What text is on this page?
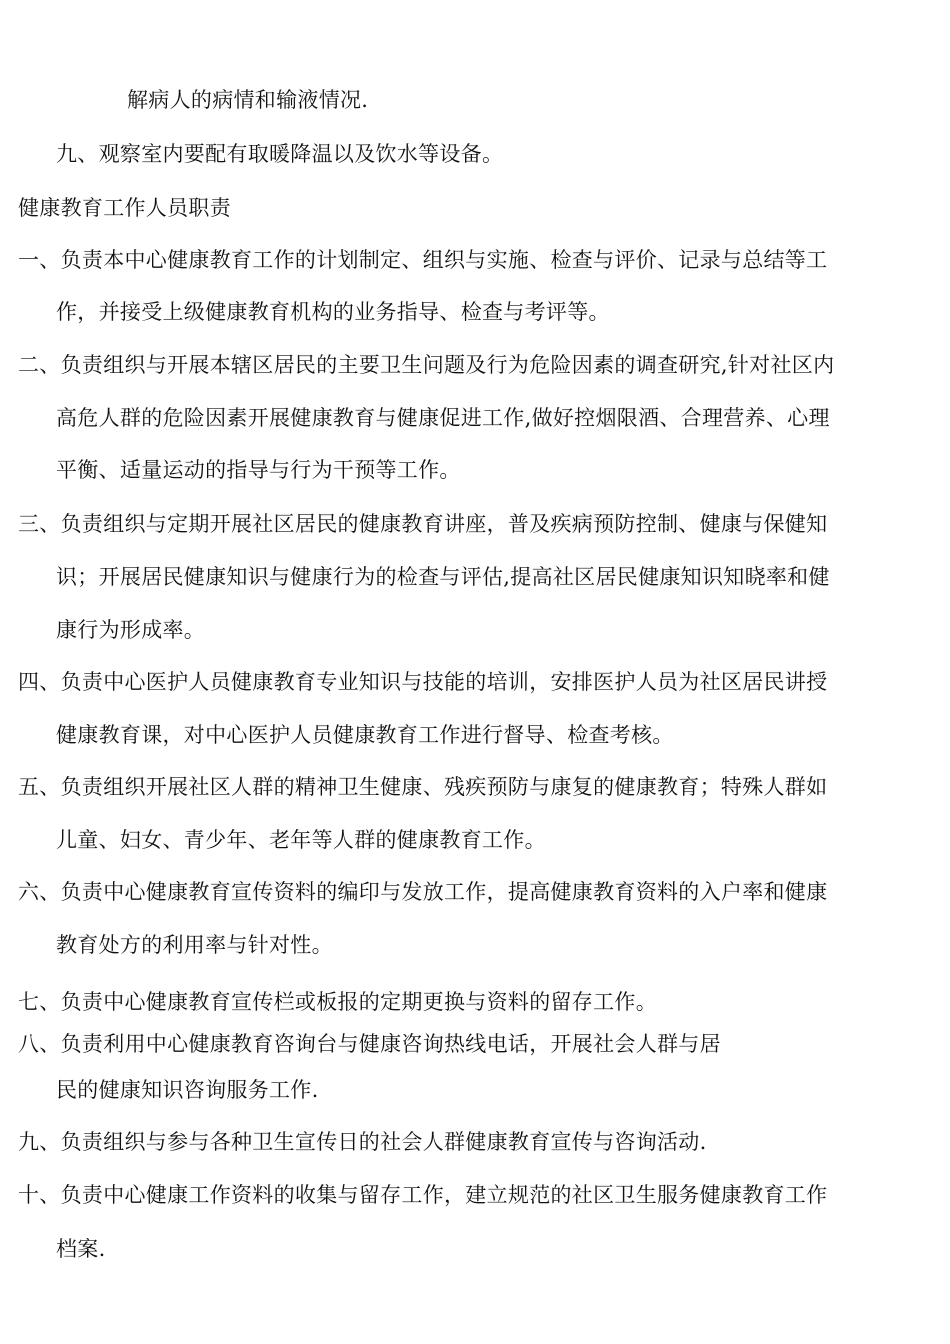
解病人的病情和输液情况.
九、观察室内要配有取暖降温以及饮水等设备。
健康教育工作人员职责
一、负责本中心健康教育工作的计划制定、组织与实施、检查与评价、记录与总结等工
作，并接受上级健康教育机构的业务指导、检查与考评等。
二、负责组织与开展本辖区居民的主要卫生问题及行为危险因素的调查研究,针对社区内
高危人群的危险因素开展健康教育与健康促进工作,做好控烟限酒、合理营养、心理
平衡、适量运动的指导与行为干预等工作。
三、负责组织与定期开展社区居民的健康教育讲座，普及疾病预防控制、健康与保健知
识；开展居民健康知识与健康行为的检查与评估,提高社区居民健康知识知晓率和健
康行为形成率。
四、负责中心医护人员健康教育专业知识与技能的培训，安排医护人员为社区居民讲授
健康教育课，对中心医护人员健康教育工作进行督导、检查考核。
五、负责组织开展社区人群的精神卫生健康、残疾预防与康复的健康教育；特殊人群如
儿童、妇女、青少年、老年等人群的健康教育工作。
六、负责中心健康教育宣传资料的编印与发放工作，提高健康教育资料的入户率和健康
教育处方的利用率与针对性。
七、负责中心健康教育宣传栏或板报的定期更换与资料的留存工作。
八、负责利用中心健康教育咨询台与健康咨询热线电话，开展社会人群与居
民的健康知识咨询服务工作.
九、负责组织与参与各种卫生宣传日的社会人群健康教育宣传与咨询活动.
十、负责中心健康工作资料的收集与留存工作，建立规范的社区卫生服务健康教育工作
档案.
